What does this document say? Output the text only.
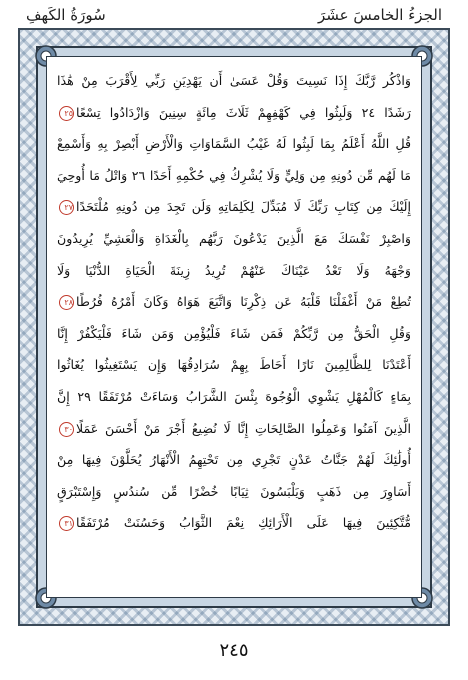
سُورَةُ الكَهفِ	الجزءُ الخامسَ عشَرَ
وَاذْكُر رَّبَّكَ إِذَا نَسِيتَ وَقُلْ عَسَىٰ أَن يَهْدِيَنِ رَبِّي لِأَقْرَبَ مِنْ هَٰذَا
رَشَدًا ٢٤ وَلَبِثُوا فِي كَهْفِهِمْ ثَلَاثَ مِائَةٍ سِنِينَ وَازْدَادُوا تِسْعًا٢٥
قُلِ اللَّهُ أَعْلَمُ بِمَا لَبِثُوا لَهُ غَيْبُ السَّمَاوَاتِ وَالْأَرْضِ أَبْصِرْ بِهِ وَأَسْمِعْ
مَا لَهُم مِّن دُونِهِ مِن وَلِيٍّ وَلَا يُشْرِكُ فِي حُكْمِهِ أَحَدًا ٢٦ وَاتْلُ مَا أُوحِيَ
إِلَيْكَ مِن كِتَابِ رَبِّكَ لَا مُبَدِّلَ لِكَلِمَاتِهِ وَلَن تَجِدَ مِن دُونِهِ مُلْتَحَدًا٢٧
وَاصْبِرْ نَفْسَكَ مَعَ الَّذِينَ يَدْعُونَ رَبَّهُم بِالْغَدَاةِ وَالْعَشِيِّ يُرِيدُونَ
وَجْهَهُ وَلَا تَعْدُ عَيْنَاكَ عَنْهُمْ تُرِيدُ زِينَةَ الْحَيَاةِ الدُّنْيَا وَلَا
تُطِعْ مَنْ أَغْفَلْنَا قَلْبَهُ عَن ذِكْرِنَا وَاتَّبَعَ هَوَاهُ وَكَانَ أَمْرُهُ فُرُطًا٢٨
وَقُلِ الْحَقُّ مِن رَّبِّكُمْ فَمَن شَاءَ فَلْيُؤْمِن وَمَن شَاءَ فَلْيَكْفُرْ إِنَّا
أَعْتَدْنَا لِلظَّالِمِينَ نَارًا أَحَاطَ بِهِمْ سُرَادِقُهَا وَإِن يَسْتَغِيثُوا يُغَاثُوا
بِمَاءٍ كَالْمُهْلِ يَشْوِي الْوُجُوهَ بِئْسَ الشَّرَابُ وَسَاءَتْ مُرْتَفَقًا ٢٩ إِنَّ
الَّذِينَ آمَنُوا وَعَمِلُوا الصَّالِحَاتِ إِنَّا لَا نُضِيعُ أَجْرَ مَنْ أَحْسَنَ عَمَلًا٣٠
أُولَٰئِكَ لَهُمْ جَنَّاتُ عَدْنٍ تَجْرِي مِن تَحْتِهِمُ الْأَنْهَارُ يُحَلَّوْنَ فِيهَا مِنْ
أَسَاوِرَ مِن ذَهَبٍ وَيَلْبَسُونَ ثِيَابًا خُضْرًا مِّن سُندُسٍ وَإِسْتَبْرَقٍ
مُّتَّكِئِينَ فِيهَا عَلَى الْأَرَائِكِ نِعْمَ الثَّوَابُ وَحَسُنَتْ مُرْتَفَقًا٣١
٢٤٥
